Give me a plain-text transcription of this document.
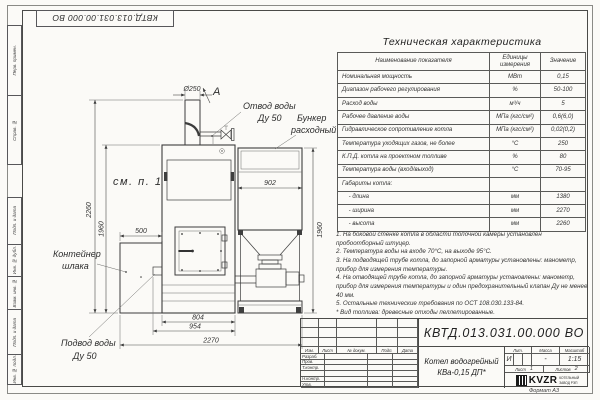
КВТД.013.031.00.000 ВО
Перв. примен.
Справ. №
Подп. и дата
Инв. № дубл.
Взам. инв. №
Подп. и дата
Инв. № подл.
Техническая характеристика
Наименование показателя	Единицы измерения	Значение
Номинальная мощность	МВт	0,15
Диапазон рабочего регулирования	%	50-100
Расход воды	м³/ч	5
Рабочее давление воды	МПа (кгс/см²)	0,6(6,0)
Гидравлическое сопротивление котла	МПа (кгс/см²)	0,02(0,2)
Температура уходящих газов, не более	°С	250
К.П.Д. котла на проектном топливе	%	80
Температура воды (вход/выход)	°С	70-95
Габариты котла:		
- длина	мм	1380
- ширина	мм	2270
- высота	мм	2260
1. На боковой стенке котла в области топочной камеры установлен пробоотборный штуцер.
2. Температура воды на входе 70°С, на выходе 95°С.
3. На подводящей трубе котла, до запорной арматуры установлены: манометр, прибор для измерения температуры.
4. На отводящей трубе котла, до запорной арматуры установлены: манометр, прибор для измерения температуры и один предохранительный клапан Ду не менее 40 мм.
5. Остальные технические требования по ОСТ 108.030.133-84.
* Вид топлива: древесные отходы пеллетированные.
А
Ø250
902
2260
1960	1960
500
804
954
2270
см. п. 1
Отвод воды
Ду 50 Бункер
расходный
Контейнер
шлака
Подвод воды
Ду 50
КВТД.013.031.00.000 ВО
Изм.	Лист	№ докум.	Подп.	Дата
Разраб.
Пров.
Т.контр.
Н.контр.
Утв.
Котел водогрейный
КВа-0,15 ДП*
Лит.	Масса	Масштаб
И	-	1:15
Лист 1	Листов 2
KVZR КОТЕЛЬНЫЙ
ЗАВОД РЭП
Формат А3
